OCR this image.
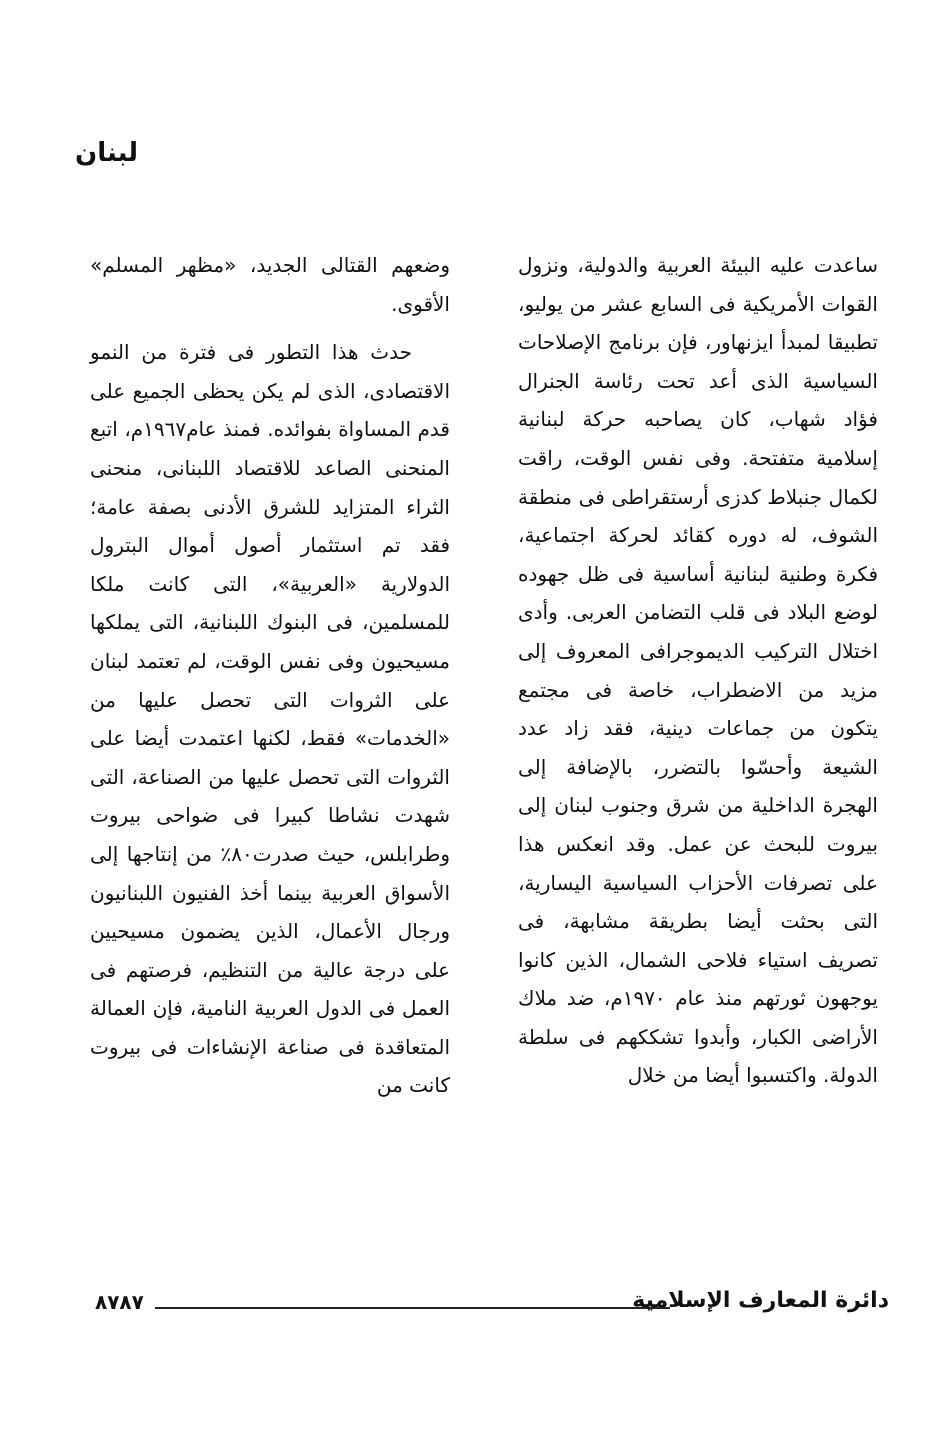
لبنان

ساعدت عليه البيئة العربية والدولية، ونزول القوات الأمريكية فى السابع عشر من يوليو، تطبيقا لمبدأ ايزنهاور، فإن برنامج الإصلاحات السياسية الذى أعد تحت رئاسة الجنرال فؤاد شهاب، كان يصاحبه حركة لبنانية إسلامية متفتحة. وفى نفس الوقت، راقت لكمال جنبلاط كدزى أرستقراطى فى منطقة الشوف، له دوره كقائد لحركة اجتماعية، فكرة وطنية لبنانية أساسية فى ظل جهوده لوضع البلاد فى قلب التضامن العربى. وأدى اختلال التركيب الديموجرافى المعروف إلى مزيد من الاضطراب، خاصة فى مجتمع يتكون من جماعات دينية، فقد زاد عدد الشيعة وأحسّوا بالتضرر، بالإضافة إلى الهجرة الداخلية من شرق وجنوب لبنان إلى بيروت للبحث عن عمل. وقد انعكس هذا على تصرفات الأحزاب السياسية اليسارية، التى بحثت أيضا بطريقة مشابهة، فى تصريف استياء فلاحى الشمال، الذين كانوا يوجهون ثورتهم منذ عام ١٩٧٠م، ضد ملاك الأراضى الكبار، وأبدوا تشككهم فى سلطة الدولة. واكتسبوا أيضا من خلال

وضعهم القتالى الجديد، «مظهر المسلم» الأقوى.

حدث هذا التطور فى فترة من النمو الاقتصادى، الذى لم يكن يحظى الجميع على قدم المساواة بفوائده. فمنذ عام١٩٦٧م، اتبع المنحنى الصاعد للاقتصاد اللبنانى، منحنى الثراء المتزايد للشرق الأدنى بصفة عامة؛ فقد تم استثمار أصول أموال البترول الدولارية «العربية»، التى كانت ملكا للمسلمين، فى البنوك اللبنانية، التى يملكها مسيحيون وفى نفس الوقت، لم تعتمد لبنان على الثروات التى تحصل عليها من «الخدمات» فقط، لكنها اعتمدت أيضا على الثروات التى تحصل عليها من الصناعة، التى شهدت نشاطا كبيرا فى ضواحى بيروت وطرابلس، حيث صدرت٨٠٪ من إنتاجها إلى الأسواق العربية بينما أخذ الفنيون اللبنانيون ورجال الأعمال، الذين يضمون مسيحيين على درجة عالية من التنظيم، فرصتهم فى العمل فى الدول العربية النامية، فإن العمالة المتعاقدة فى صناعة الإنشاءات فى بيروت كانت من

دائرة المعارف الإسلامية
٨٧٨٧
